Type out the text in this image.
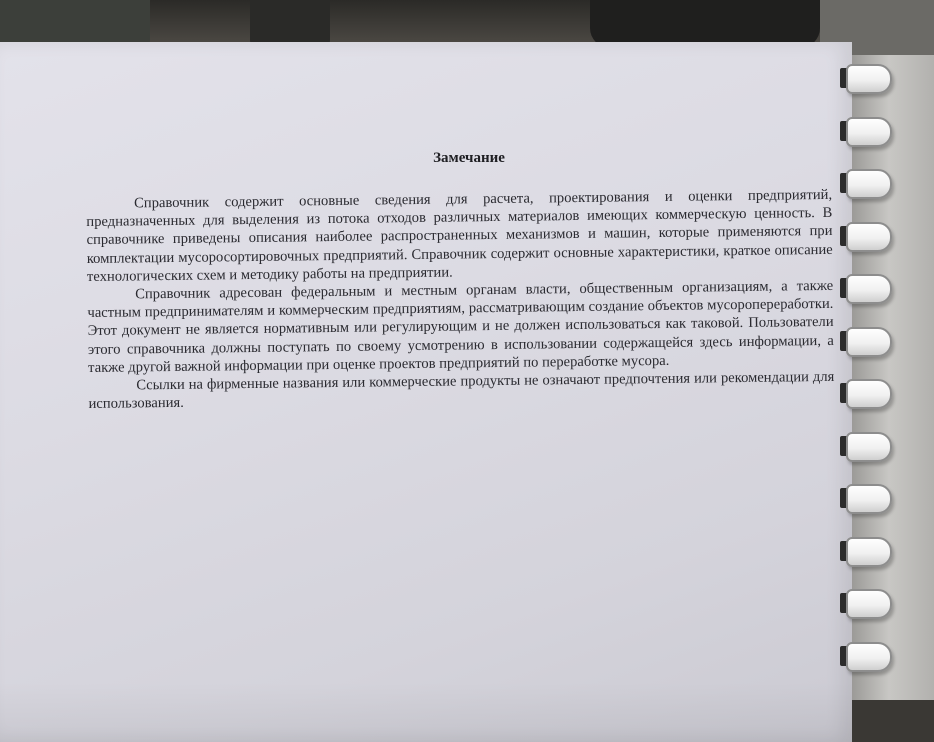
Замечание

Справочник содержит основные сведения для расчета, проектирования и оценки предприятий, предназначенных для выделения из потока отходов различных материалов имеющих коммерческую ценность. В справочнике приведены описания наиболее распространенных механизмов и машин, которые применяются при комплектации мусоросортировочных предприятий. Справочник содержит основные характеристики, краткое описание технологических схем и методику работы на предприятии.

Справочник адресован федеральным и местным органам власти, общественным организациям, а также частным предпринимателям и коммерческим предприятиям, рассматривающим создание объектов мусоропереработки. Этот документ не является нормативным или регулирующим и не должен использоваться как таковой. Пользователи этого справочника должны поступать по своему усмотрению в использовании содержащейся здесь информации, а также другой важной информации при оценке проектов предприятий по переработке мусора.

Ссылки на фирменные названия или коммерческие продукты не означают предпочтения или рекомендации для использования.
